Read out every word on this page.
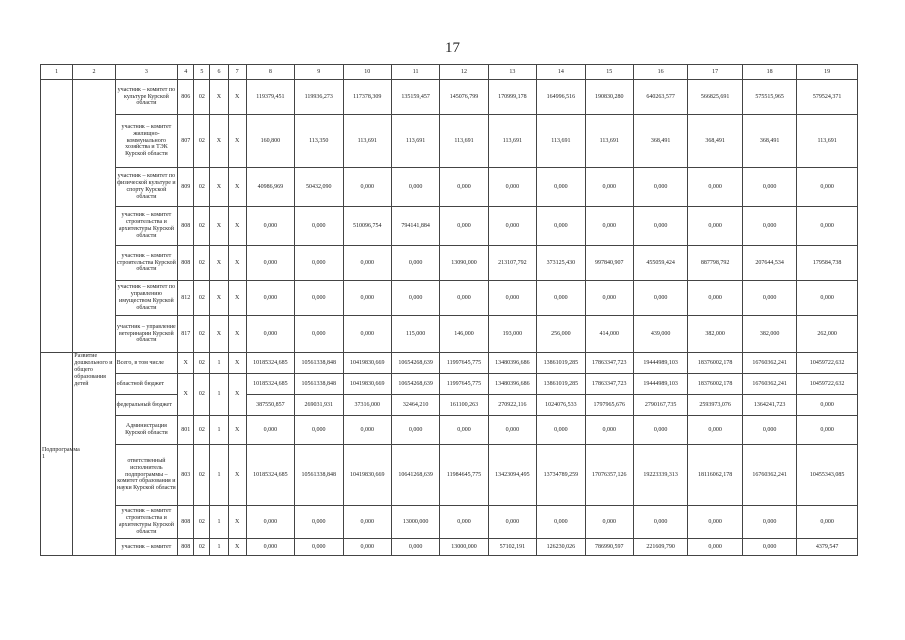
17
1	2	3	4	5	6	7	8	9	10	11	12	13	14	15	16	17	18	19
		участник – комитет по культуре Курской области	806	02	Х	Х	119379,451	119936,273	117378,309	135159,457	145076,799	170999,178	164996,516	190830,280	640263,577	566825,691	575515,965	579524,371
		участник – комитет жилищно-коммунального хозяйства и ТЭК Курской области	807	02	Х	Х	160,800	113,350	113,691	113,691	113,691	113,691	113,691	113,691	368,491	368,491	368,491	113,691
		участник – комитет по физической культуре и спорту Курской области	809	02	Х	Х	40986,969	50432,090	0,000	0,000	0,000	0,000	0,000	0,000	0,000	0,000	0,000	0,000
		участник – комитет строительства и архитектуры Курской области	808	02	Х	Х	0,000	0,000	510096,754	794141,884	0,000	0,000	0,000	0,000	0,000	0,000	0,000	0,000
		участник – комитет строительства Курской области	808	02	Х	Х	0,000	0,000	0,000	0,000	13090,000	213107,792	373125,430	997840,907	455059,424	887798,792	207644,534	179584,738
		участник – комитет по управлению имуществом Курской области	812	02	Х	Х	0,000	0,000	0,000	0,000	0,000	0,000	0,000	0,000	0,000	0,000	0,000	0,000
		участник – управление ветеринарии Курской области	817	02	Х	Х	0,000	0,000	0,000	115,000	146,000	193,000	256,000	414,000	439,000	382,000	382,000	262,000
Подпрограмма 1	Развитие дошкольного и общего образования детей	Всего, в том числе	Х	02	1	Х	10185324,685	10561338,848	10419830,669	10654268,639	11997645,775	13480396,686	13861019,285	17863347,723	19444989,103	18376002,178	16760362,241	10459722,632
		областной бюджет	Х	02	1	Х	10185324,685	10561338,848	10419830,669	10654268,639	11997645,775	13480396,686	13861019,285	17863347,723	19444989,103	18376002,178	16760362,241	10459722,632
		федеральный бюджет					387550,857	269031,931	37316,000	32464,210	161100,263	270922,116	1024076,533	1797965,676	2790167,735	2593973,076	1364241,723	0,000
		Администрация Курской области	801	02	1	Х	0,000	0,000	0,000	0,000	0,000	0,000	0,000	0,000	0,000	0,000	0,000	0,000
		ответственный исполнитель подпрограммы – комитет образования и науки Курской области	803	02	1	Х	10185324,685	10561338,848	10419830,669	10641268,639	11984645,775	13423094,495	13734789,259	17076357,126	19223339,313	18116062,178	16760362,241	10455343,085
		участник – комитет строительства и архитектуры Курской области	808	02	1	Х	0,000	0,000	0,000	13000,000	0,000	0,000	0,000	0,000	0,000	0,000	0,000	0,000
		участник – комитет	808	02	1	Х	0,000	0,000	0,000	0,000	13000,000	57102,191	126230,026	786990,597	221609,790	0,000	0,000	4379,547
